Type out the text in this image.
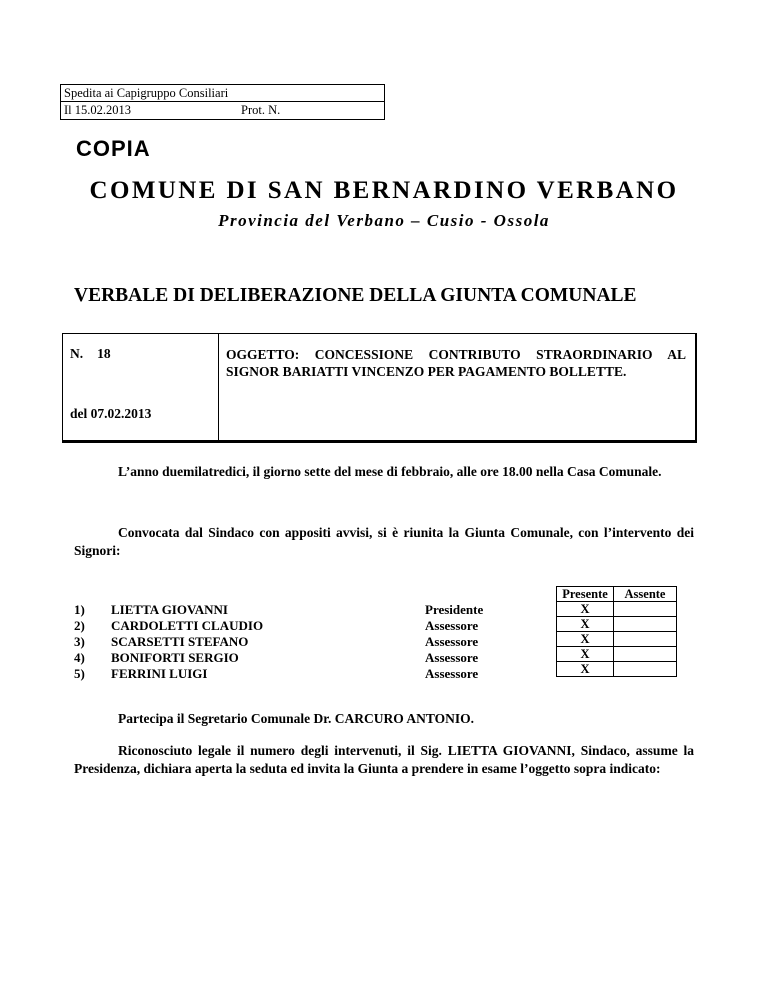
Spedita ai Capigruppo Consiliari
Il 15.02.2013	Prot. N.
COPIA
COMUNE DI SAN BERNARDINO VERBANO
Provincia del Verbano – Cusio - Ossola
VERBALE DI DELIBERAZIONE DELLA GIUNTA COMUNALE
N. 18
del 07.02.2013
OGGETTO: CONCESSIONE CONTRIBUTO STRAORDINARIO AL SIGNOR BARIATTI VINCENZO PER PAGAMENTO BOLLETTE.
L’anno duemilatredici, il giorno sette del mese di febbraio, alle ore 18.00 nella Casa Comunale.
Convocata dal Sindaco con appositi avvisi, si è riunita la Giunta Comunale, con l’intervento dei Signori:
1) LIETTA GIOVANNI	Presidente
2) CARDOLETTI CLAUDIO	Assessore
3) SCARSETTI STEFANO	Assessore
4) BONIFORTI SERGIO	Assessore
5) FERRINI LUIGI	Assessore
Presente	Assente
X	
X	
X	
X	
X	
Partecipa il Segretario Comunale Dr. CARCURO ANTONIO.
Riconosciuto legale il numero degli intervenuti, il Sig. LIETTA GIOVANNI, Sindaco, assume la Presidenza, dichiara aperta la seduta ed invita la Giunta a prendere in esame l’oggetto sopra indicato:
